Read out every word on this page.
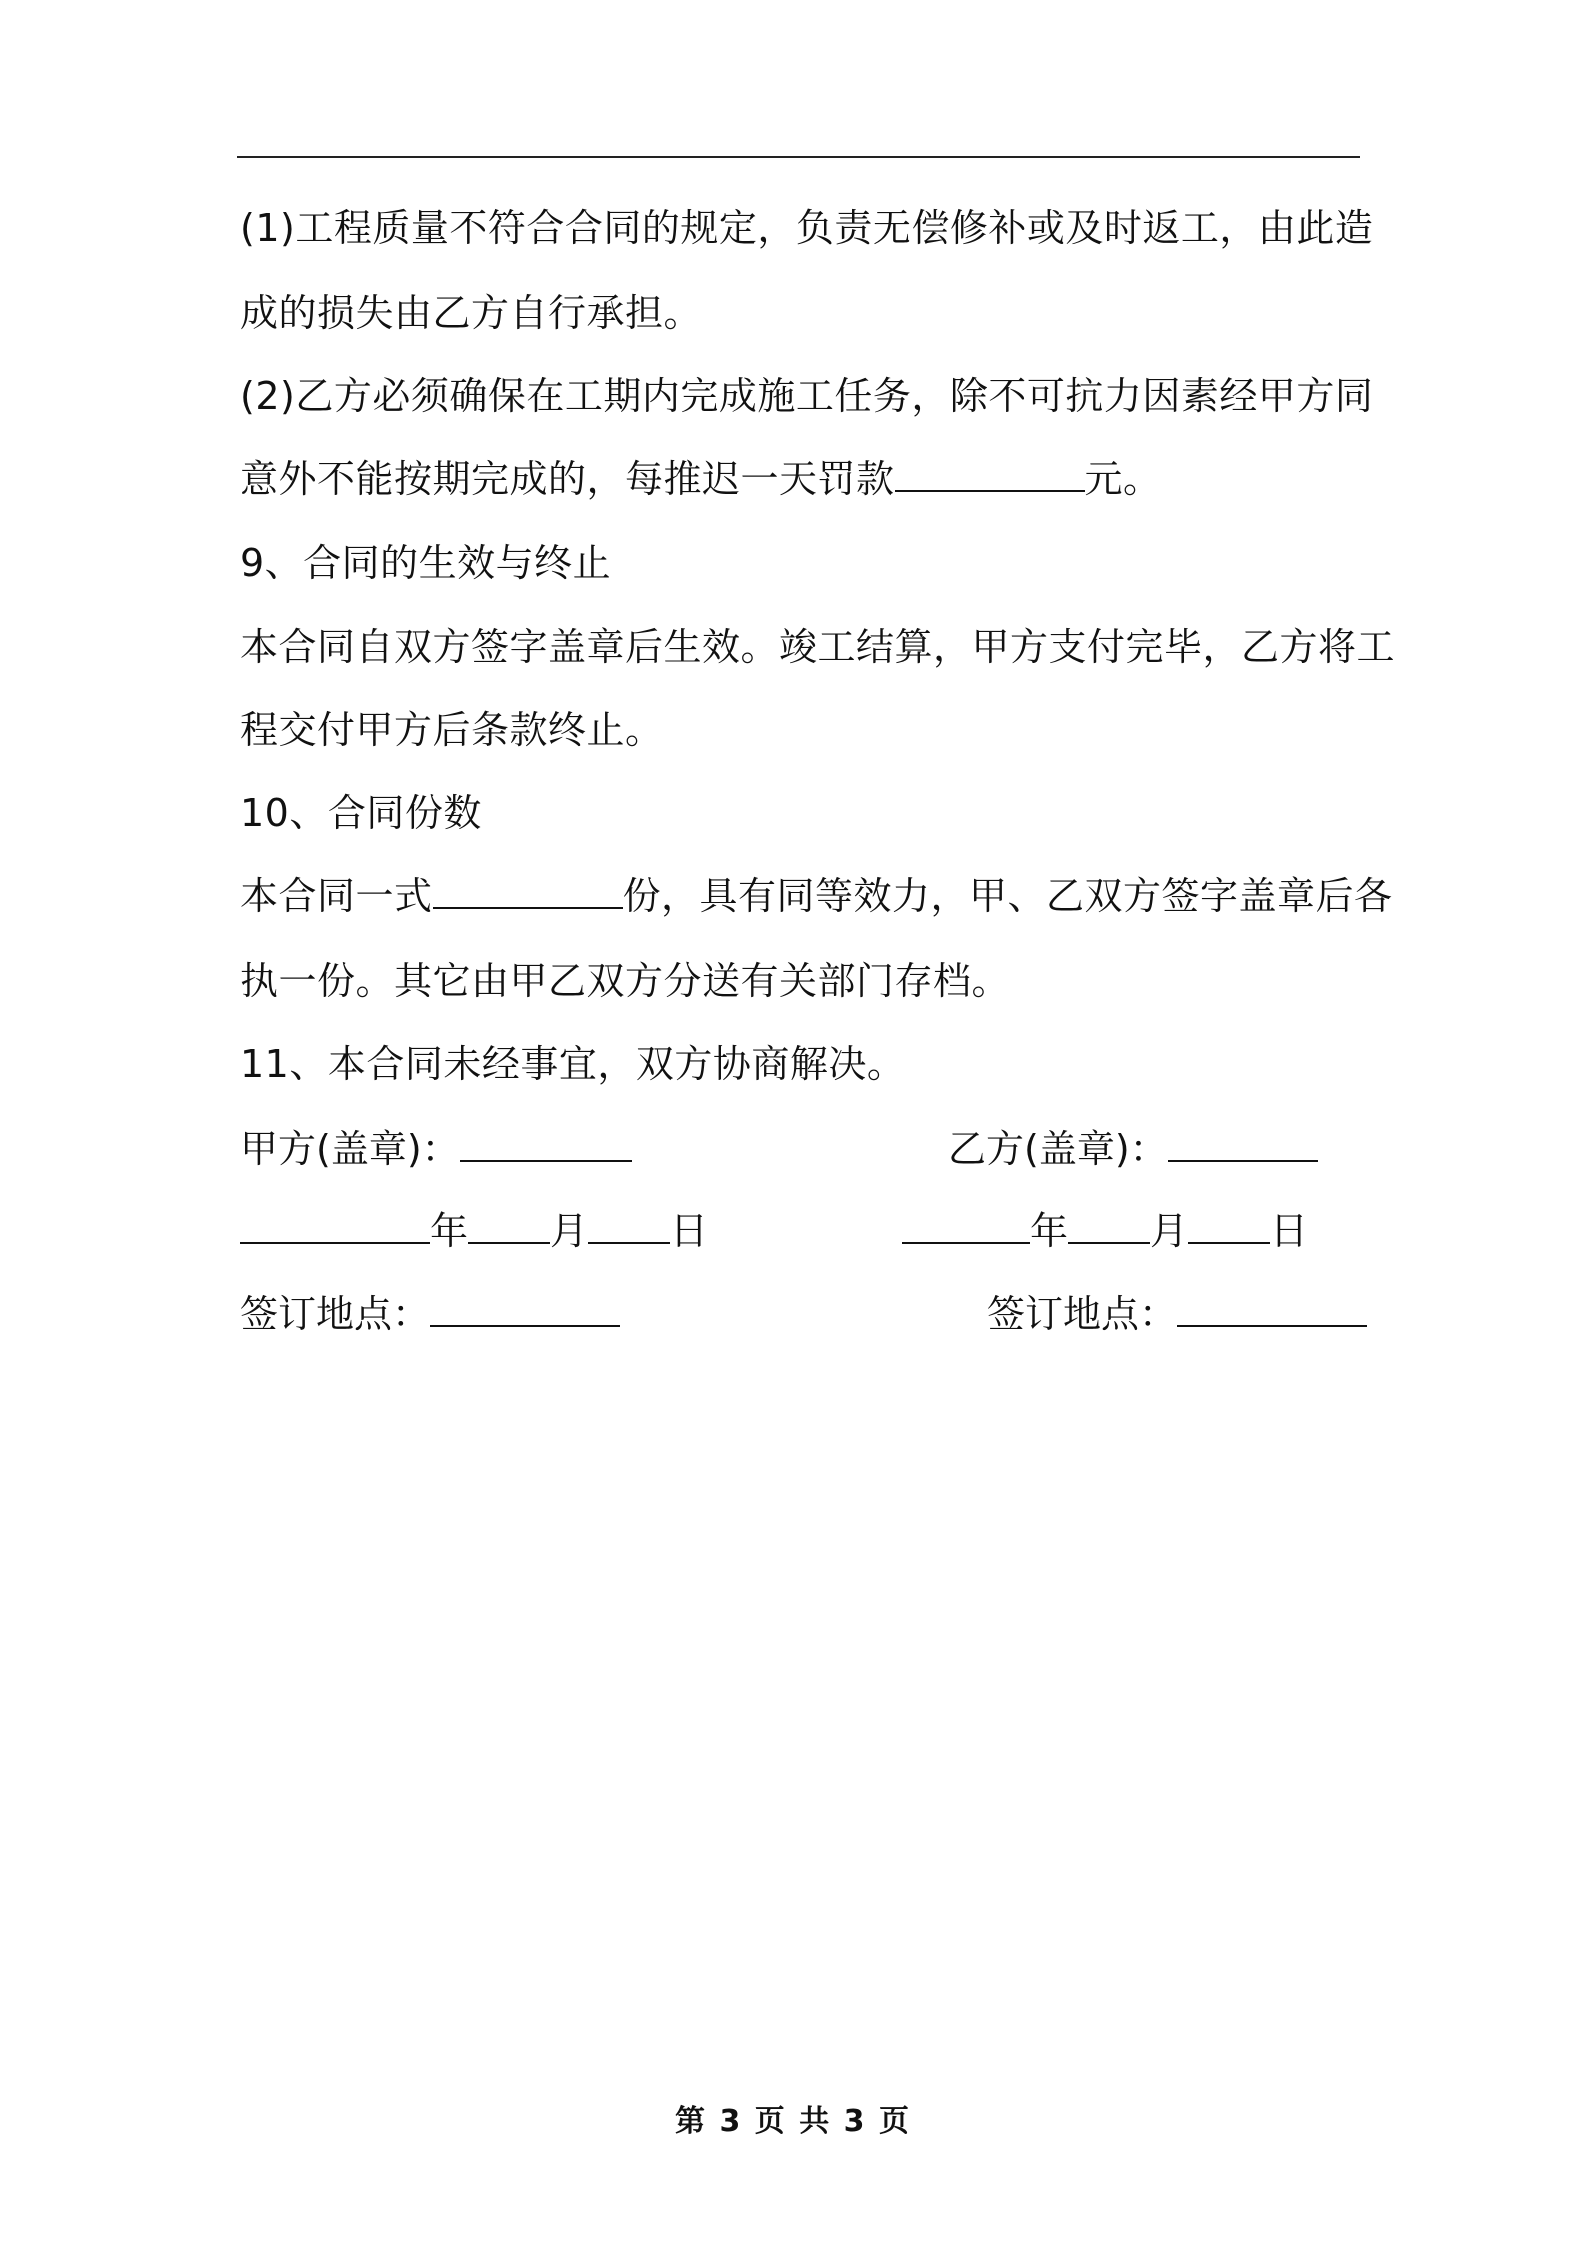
(1)工程质量不符合合同的规定，负责无偿修补或及时返工，由此造
成的损失由乙方自行承担。
(2)乙方必须确保在工期内完成施工任务，除不可抗力因素经甲方同
意外不能按期完成的，每推迟一天罚款	元。
9、合同的生效与终止
本合同自双方签字盖章后生效。竣工结算，甲方支付完毕，乙方将工
程交付甲方后条款终止。
10、合同份数
本合同一式	份，具有同等效力，甲、乙双方签字盖章后各
执一份。其它由甲乙双方分送有关部门存档。
11、本合同未经事宜，双方协商解决。
甲方(盖章)：
年 月 日
签订地点：
乙方(盖章)：
年 月 日
签订地点：
第 3 页 共 3 页
